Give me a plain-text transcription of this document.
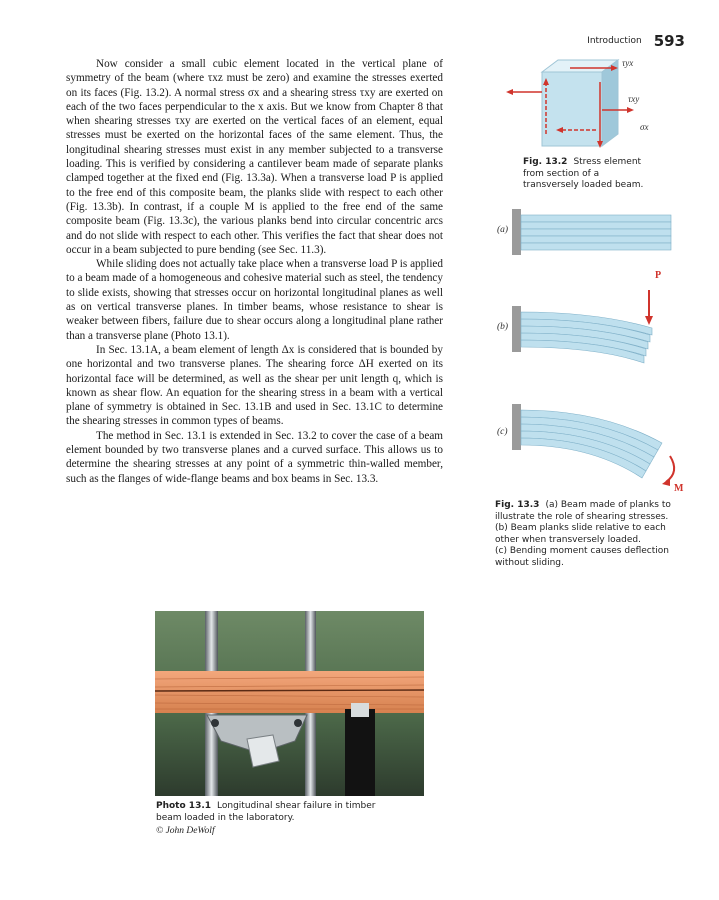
Introduction 593

Now consider a small cubic element located in the vertical plane of symmetry of the beam (where τxz must be zero) and examine the stresses exerted on its faces (Fig. 13.2). A normal stress σx and a shearing stress τxy are exerted on each of the two faces perpendicular to the x axis. But we know from Chapter 8 that when shearing stresses τxy are exerted on the vertical faces of an element, equal stresses must be exerted on the horizontal faces of the same element. Thus, the longitudinal shearing stresses must exist in any member subjected to a transverse loading. This is verified by considering a cantilever beam made of separate planks clamped together at the fixed end (Fig. 13.3a). When a transverse load P is applied to the free end of this composite beam, the planks slide with respect to each other (Fig. 13.3b). In contrast, if a couple M is applied to the free end of the same composite beam (Fig. 13.3c), the various planks bend into circular concentric arcs and do not slide with respect to each other. This verifies the fact that shear does not occur in a beam subjected to pure bending (see Sec. 11.3).

While sliding does not actually take place when a transverse load P is applied to a beam made of a homogeneous and cohesive material such as steel, the tendency to slide exists, showing that stresses occur on horizontal longitudinal planes as well as on vertical transverse planes. In timber beams, whose resistance to shear is weaker between fibers, failure due to shear occurs along a longitudinal plane rather than a transverse plane (Photo 13.1).

In Sec. 13.1A, a beam element of length Δx is considered that is bounded by one horizontal and two transverse planes. The shearing force ΔH exerted on its horizontal face will be determined, as well as the shear per unit length q, which is known as shear flow. An equation for the shearing stress in a beam with a vertical plane of symmetry is obtained in Sec. 13.1B and used in Sec. 13.1C to determine the shearing stresses in common types of beams.

The method in Sec. 13.1 is extended in Sec. 13.2 to cover the case of a beam element bounded by two transverse planes and a curved surface. This allows us to determine the shearing stresses at any point of a symmetric thin-walled member, such as the flanges of wide-flange beams and box beams in Sec. 13.3.

τyx
τxy
σx
Fig. 13.2 Stress element
from section of a
transversely loaded beam.
(a)
(b)
P
(c)
M
Fig. 13.3 (a) Beam made of planks to
illustrate the role of shearing stresses.
(b) Beam planks slide relative to each
other when transversely loaded.
(c) Bending moment causes deflection
without sliding.
Photo 13.1 Longitudinal shear failure in timber
beam loaded in the laboratory.
© John DeWolf
